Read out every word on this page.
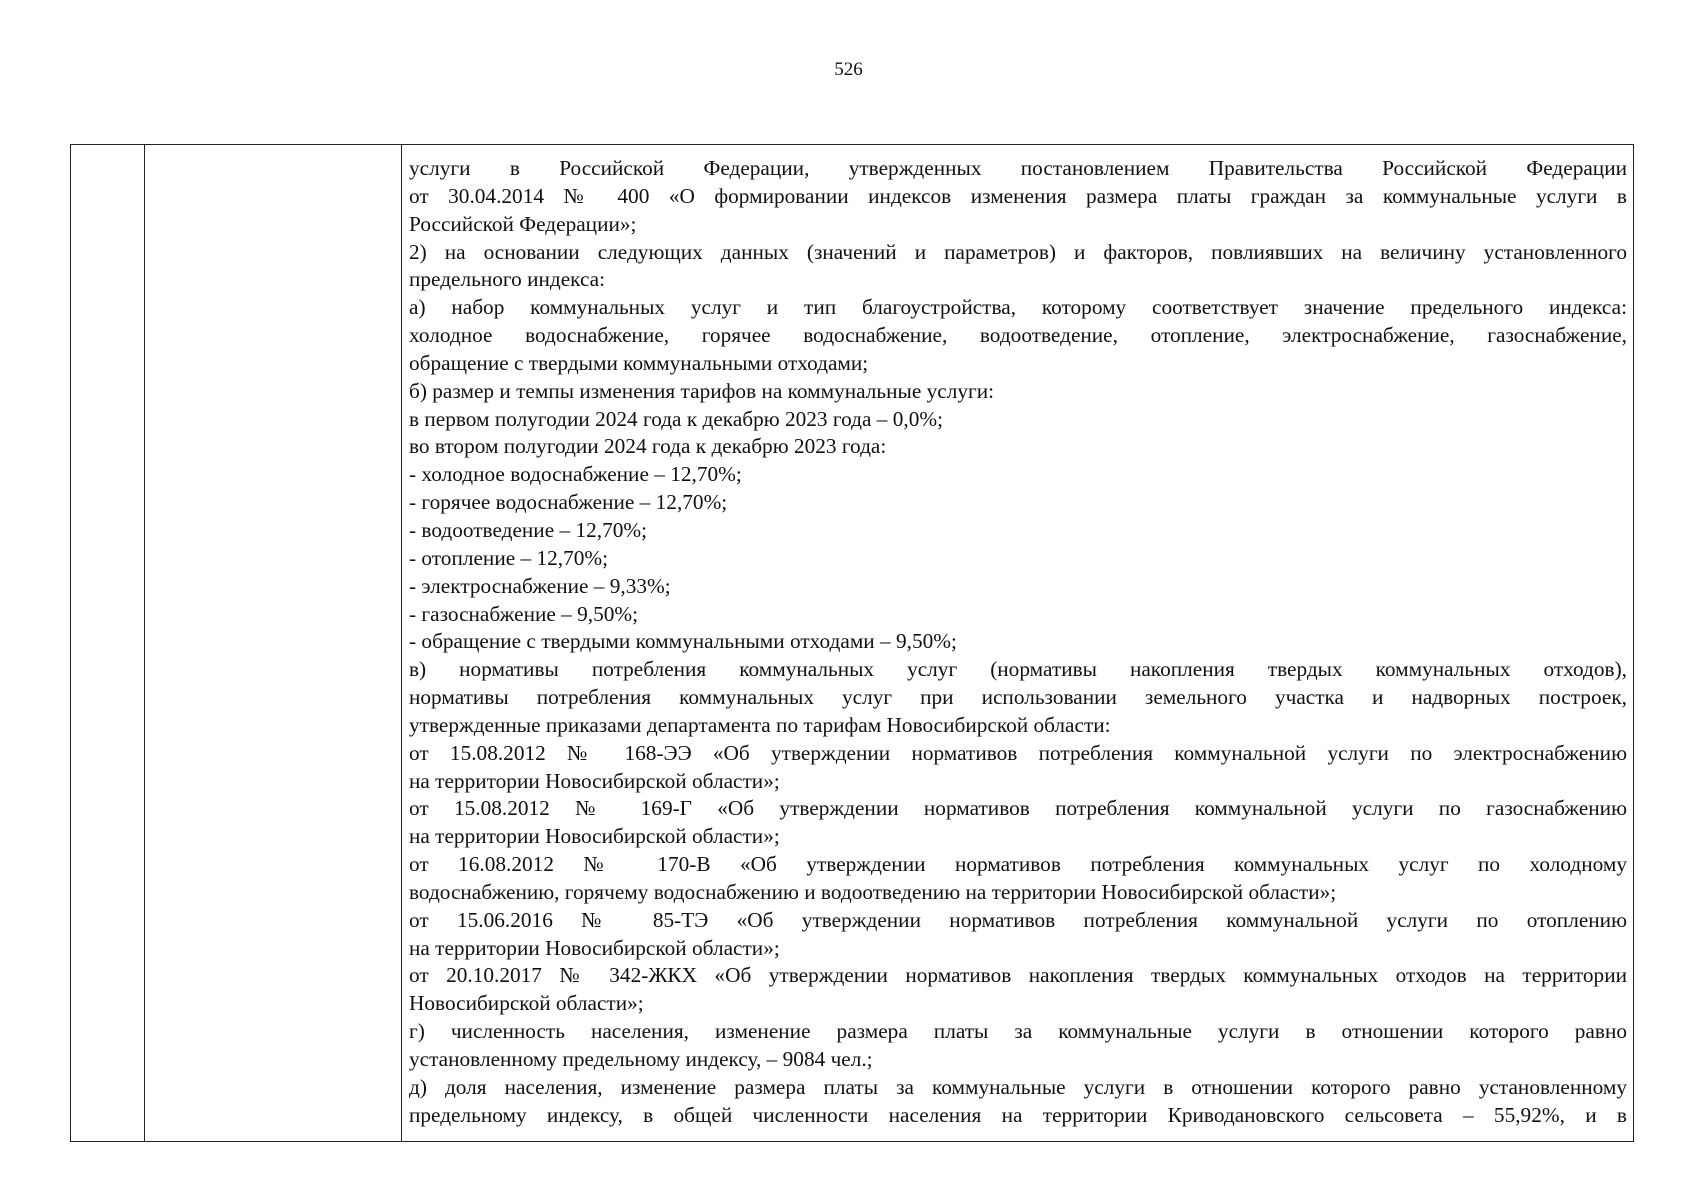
526
услуги в Российской Федерации, утвержденных постановлением Правительства Российской Федерации
от 30.04.2014 № 400 «О формировании индексов изменения размера платы граждан за коммунальные услуги в
Российской Федерации»;
2) на основании следующих данных (значений и параметров) и факторов, повлиявших на величину установленного
предельного индекса:
а) набор коммунальных услуг и тип благоустройства, которому соответствует значение предельного индекса:
холодное водоснабжение, горячее водоснабжение, водоотведение, отопление, электроснабжение, газоснабжение,
обращение с твердыми коммунальными отходами;
б) размер и темпы изменения тарифов на коммунальные услуги:
в первом полугодии 2024 года к декабрю 2023 года – 0,0%;
во втором полугодии 2024 года к декабрю 2023 года:
- холодное водоснабжение – 12,70%;
- горячее водоснабжение – 12,70%;
- водоотведение – 12,70%;
- отопление – 12,70%;
- электроснабжение – 9,33%;
- газоснабжение – 9,50%;
- обращение с твердыми коммунальными отходами – 9,50%;
в) нормативы потребления коммунальных услуг (нормативы накопления твердых коммунальных отходов),
нормативы потребления коммунальных услуг при использовании земельного участка и надворных построек,
утвержденные приказами департамента по тарифам Новосибирской области:
от 15.08.2012 № 168-ЭЭ «Об утверждении нормативов потребления коммунальной услуги по электроснабжению
на территории Новосибирской области»;
от 15.08.2012 № 169-Г «Об утверждении нормативов потребления коммунальной услуги по газоснабжению
на территории Новосибирской области»;
от 16.08.2012 № 170-В «Об утверждении нормативов потребления коммунальных услуг по холодному
водоснабжению, горячему водоснабжению и водоотведению на территории Новосибирской области»;
от 15.06.2016 № 85-ТЭ «Об утверждении нормативов потребления коммунальной услуги по отоплению
на территории Новосибирской области»;
от 20.10.2017 № 342-ЖКХ «Об утверждении нормативов накопления твердых коммунальных отходов на территории
Новосибирской области»;
г) численность населения, изменение размера платы за коммунальные услуги в отношении которого равно
установленному предельному индексу, – 9084 чел.;
д) доля населения, изменение размера платы за коммунальные услуги в отношении которого равно установленному
предельному индексу, в общей численности населения на территории Криводановского сельсовета – 55,92%, и в
